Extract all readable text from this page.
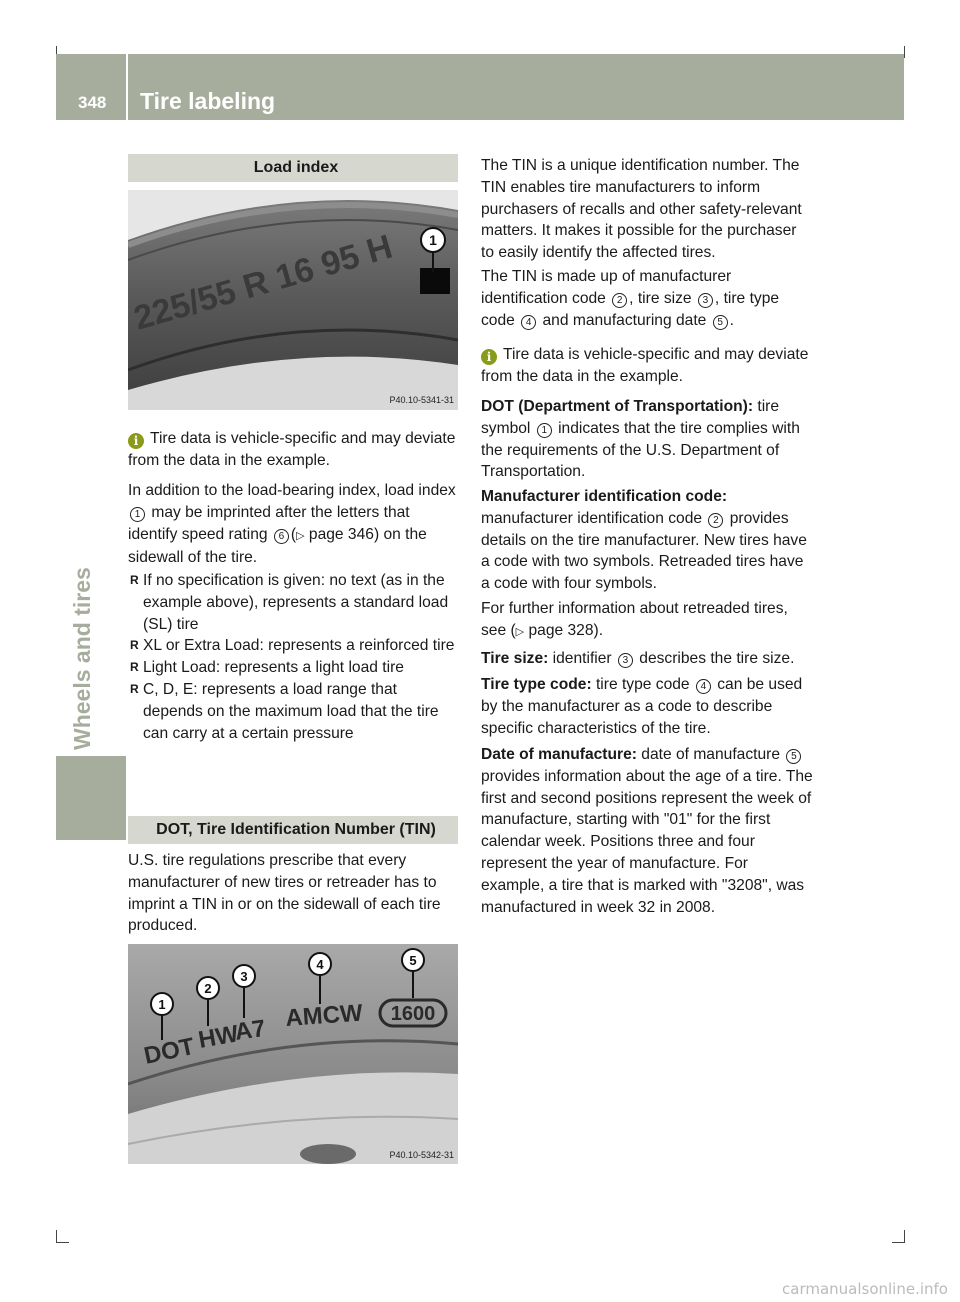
348 Tire labeling
Wheels and tires
Load index
225/55 R 16 95 H 1
P40.10-5341-31
i Tire data is vehicle-specific and may deviate from the data in the example.

In addition to the load-bearing index, load index 1 may be imprinted after the letters that identify speed rating 6 (▷ page 346) on the sidewall of the tire.

R If no specification is given: no text (as in the example above), represents a standard load (SL) tire
R XL or Extra Load: represents a reinforced tire
R Light Load: represents a light load tire
R C, D, E: represents a load range that depends on the maximum load that the tire can carry at a certain pressure
DOT, Tire Identification Number (TIN)

U.S. tire regulations prescribe that every manufacturer of new tires or retreader has to imprint a TIN in or on the sidewall of each tire produced.

DOT HW
A7 AMCW 1600
1
2
3
4	5
P40.10-5342-31

The TIN is a unique identification number. The TIN enables tire manufacturers to inform purchasers of recalls and other safety-relevant matters. It makes it possible for the purchaser to easily identify the affected tires.

The TIN is made up of manufacturer identification code 2 , tire size 3 , tire type code 4 and manufacturing date 5 .

i Tire data is vehicle-specific and may deviate from the data in the example.

DOT (Department of Transportation): tire symbol 1 indicates that the tire complies with the requirements of the U.S. Department of Transportation.

Manufacturer identification code:
manufacturer identification code 2 provides details on the tire manufacturer. New tires have a code with two symbols. Retreaded tires have a code with four symbols.

For further information about retreaded tires, see (▷ page 328).

Tire size: identifier 3 describes the tire size.

Tire type code: tire type code 4 can be used by the manufacturer as a code to describe specific characteristics of the tire.

Date of manufacture: date of manufacture 5 provides information about the age of a tire. The first and second positions represent the week of manufacture, starting with "01" for the first calendar week. Positions three and four represent the year of manufacture. For example, a tire that is marked with "3208", was manufactured in week 32 in 2008.

carmanualsonline.info
